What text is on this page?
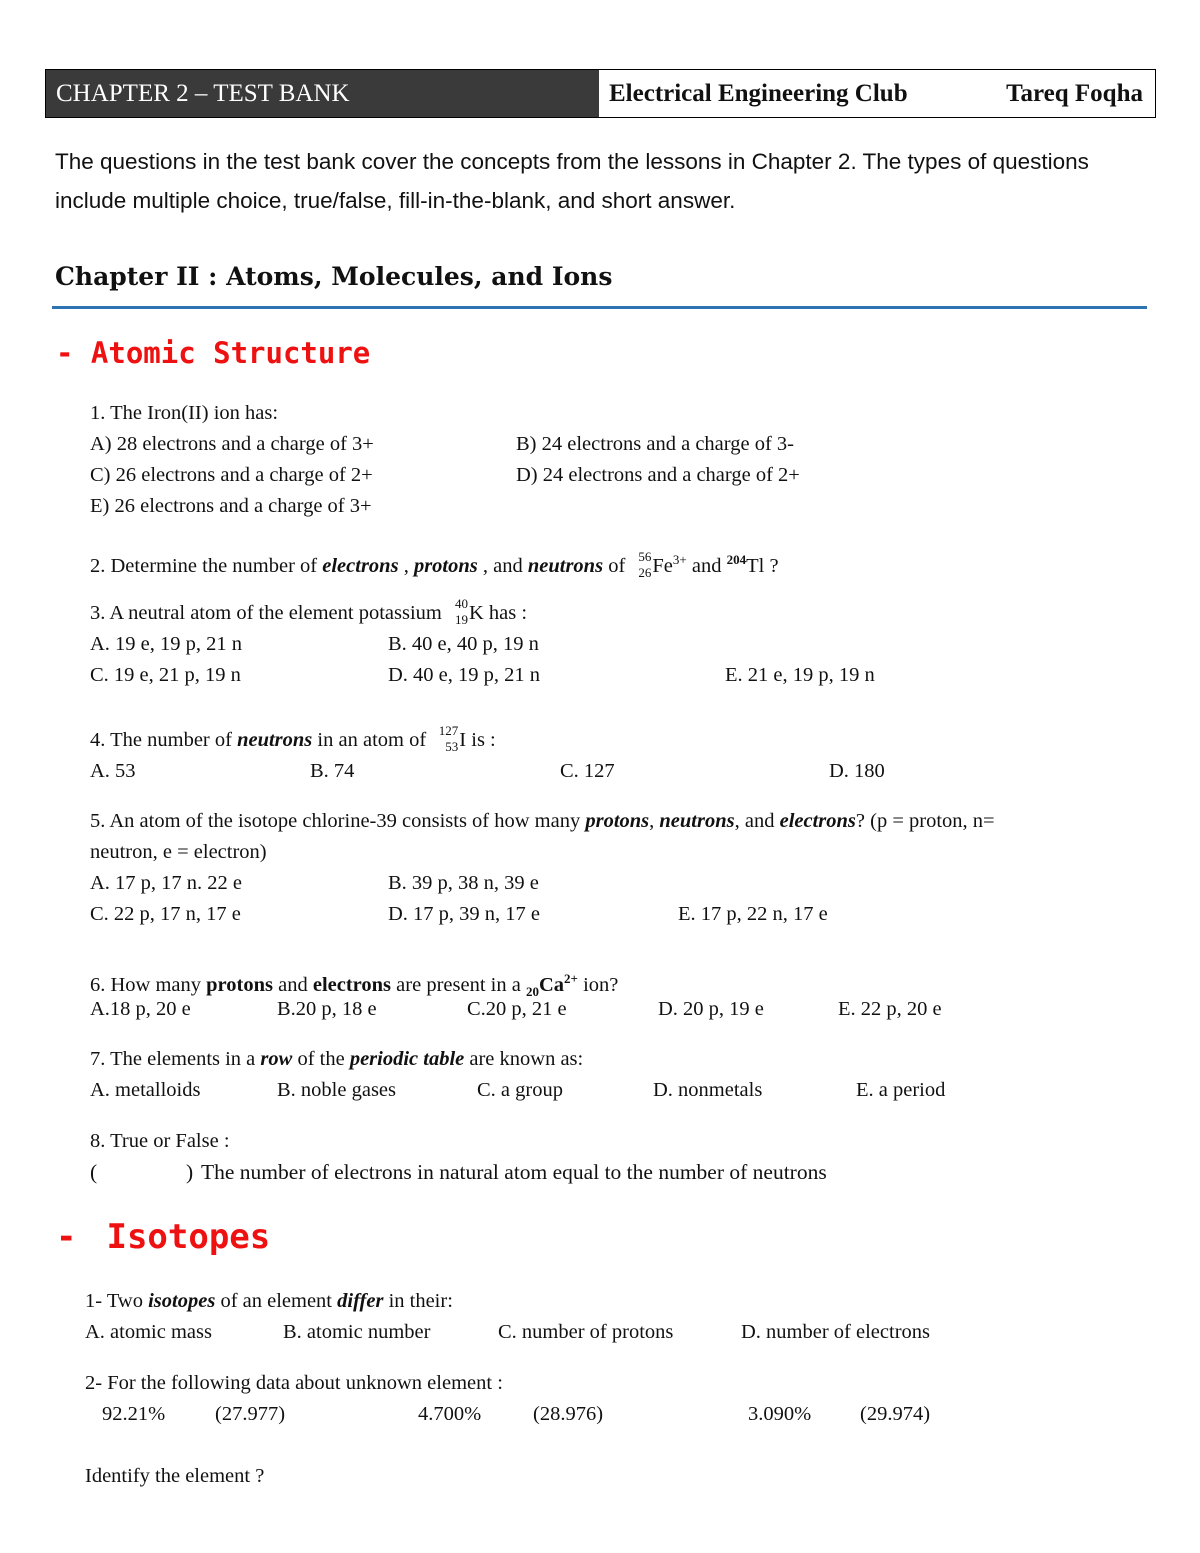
CHAPTER 2 – TEST BANK	Electrical Engineering Club	Tareq Foqha
The questions in the test bank cover the concepts from the lessons in Chapter 2. The types of questions include multiple choice, true/false, fill-in-the-blank, and short answer.
Chapter II : Atoms, Molecules, and Ions
- Atomic Structure
1. The Iron(II) ion has:
A) 28 electrons and a charge of 3+	B) 24 electrons and a charge of 3-
C) 26 electrons and a charge of 2+	D) 24 electrons and a charge of 2+
E) 26 electrons and a charge of 3+
2. Determine the number of electrons , protons , and neutrons of 56
26 $Fe^{3+}$ and $^{204}$Tl ?
3. A neutral atom of the element potassium 40
19 K has :
A. 19 e, 19 p, 21 n	B. 40 e, 40 p, 19 n
C. 19 e, 21 p, 19 n	D. 40 e, 19 p, 21 n	E. 21 e, 19 p, 19 n
4. The number of neutrons in an atom of 127
53 I is :
A. 53	B. 74	C. 127	D. 180
5. An atom of the isotope chlorine-39 consists of how many protons, neutrons, and electrons? (p = proton, n=
neutron, e = electron)
A. 17 p, 17 n. 22 e	B. 39 p, 38 n, 39 e
C. 22 p, 17 n, 17 e	D. 17 p, 39 n, 17 e	E. 17 p, 22 n, 17 e
6. How many protons and electrons are present in a $_{20}Ca^{2+}$ ion?
A.18 p, 20 e	B.20 p, 18 e	C.20 p, 21 e	D. 20 p, 19 e	E. 22 p, 20 e
7. The elements in a row of the periodic table are known as:
A. metalloids	B. noble gases	C. a group	D. nonmetals	E. a period
8. True or False :
(	) The number of electrons in natural atom equal to the number of neutrons
- Isotopes
1- Two isotopes of an element differ in their:
A. atomic mass	B. atomic number	C. number of protons	D. number of electrons
2- For the following data about unknown element :
92.21% (27.977)	4.700%	(28.976)	3.090% (29.974)
Identify the element ?
